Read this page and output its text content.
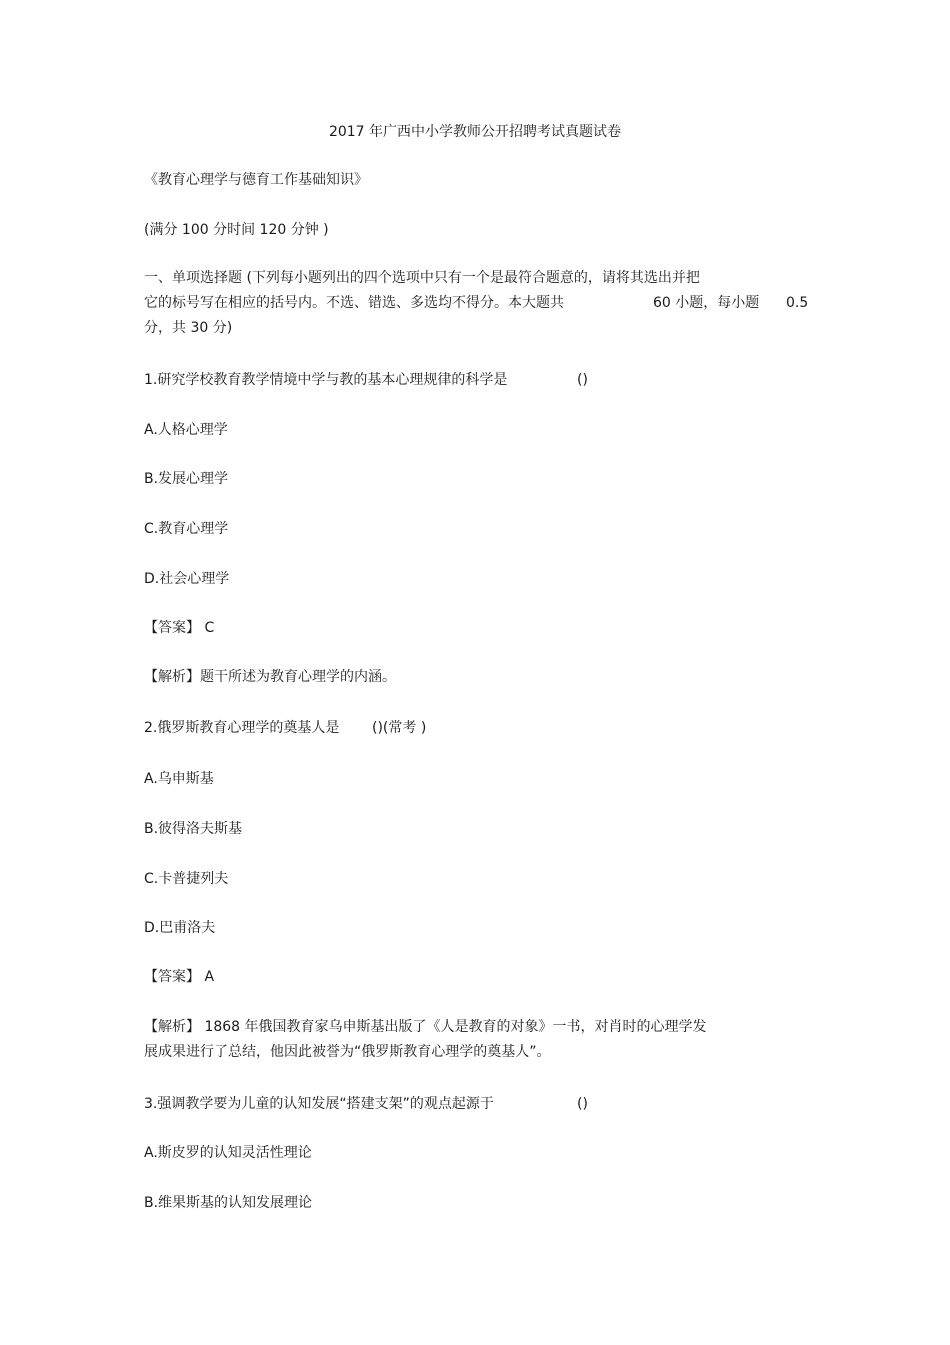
2017 年广西中小学教师公开招聘考试真题试卷
《教育心理学与德育工作基础知识》
(满分 100 分时间 120 分钟 )
一、单项选择题 (下列每小题列出的四个选项中只有一个是最符合题意的，请将其选出并把
它的标号写在相应的括号内。不选、错选、多选均不得分。本大题共	60 小题，每小题 0.5
分，共 30 分)
1.研究学校教育教学情境中学与教的基本心理规律的科学是	()
A.人格心理学
B.发展心理学
C.教育心理学
D.社会心理学
【答案】 C
【解析】题干所述为教育心理学的内涵。
2.俄罗斯教育心理学的奠基人是 ()(常考 )
A.乌申斯基
B.彼得洛夫斯基
C.卡普捷列夫
D.巴甫洛夫
【答案】 A
【解析】 1868 年俄国教育家乌申斯基出版了《人是教育的对象》一书，对肖时的心理学发
展成果进行了总结，他因此被誉为“俄罗斯教育心理学的奠基人”。
3.强调教学要为儿童的认知发展“搭建支架”的观点起源于	()
A.斯皮罗的认知灵活性理论
B.维果斯基的认知发展理论
